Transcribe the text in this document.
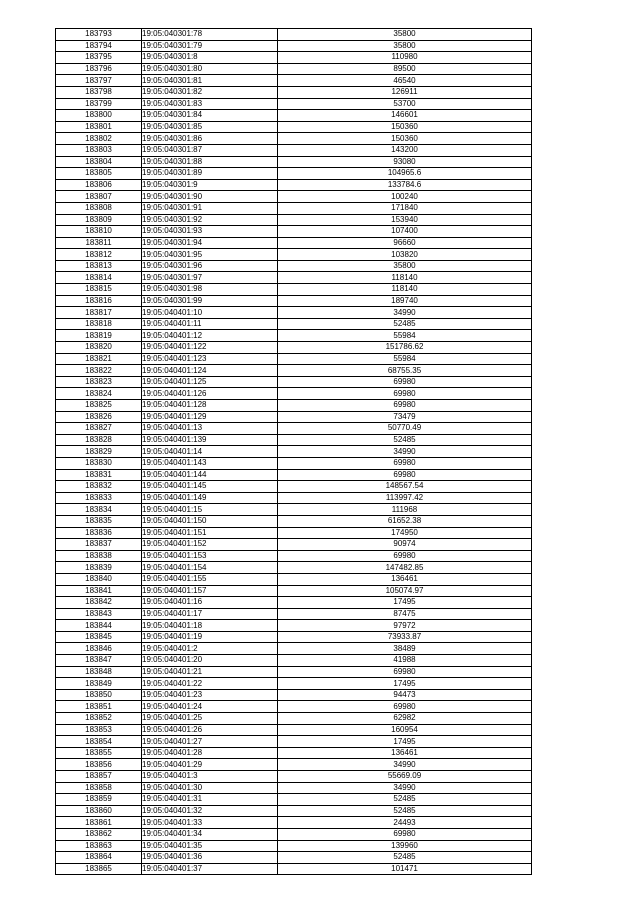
183793	19:05:040301:78	35800
183794	19:05:040301:79	35800
183795	19:05:040301:8	110980
183796	19:05:040301:80	89500
183797	19:05:040301:81	46540
183798	19:05:040301:82	126911
183799	19:05:040301:83	53700
183800	19:05:040301:84	146601
183801	19:05:040301:85	150360
183802	19:05:040301:86	150360
183803	19:05:040301:87	143200
183804	19:05:040301:88	93080
183805	19:05:040301:89	104965.6
183806	19:05:040301:9	133784.6
183807	19:05:040301:90	100240
183808	19:05:040301:91	171840
183809	19:05:040301:92	153940
183810	19:05:040301:93	107400
183811	19:05:040301:94	96660
183812	19:05:040301:95	103820
183813	19:05:040301:96	35800
183814	19:05:040301:97	118140
183815	19:05:040301:98	118140
183816	19:05:040301:99	189740
183817	19:05:040401:10	34990
183818	19:05:040401:11	52485
183819	19:05:040401:12	55984
183820	19:05:040401:122	151786.62
183821	19:05:040401:123	55984
183822	19:05:040401:124	68755.35
183823	19:05:040401:125	69980
183824	19:05:040401:126	69980
183825	19:05:040401:128	69980
183826	19:05:040401:129	73479
183827	19:05:040401:13	50770.49
183828	19:05:040401:139	52485
183829	19:05:040401:14	34990
183830	19:05:040401:143	69980
183831	19:05:040401:144	69980
183832	19:05:040401:145	148567.54
183833	19:05:040401:149	113997.42
183834	19:05:040401:15	111968
183835	19:05:040401:150	61652.38
183836	19:05:040401:151	174950
183837	19:05:040401:152	90974
183838	19:05:040401:153	69980
183839	19:05:040401:154	147482.85
183840	19:05:040401:155	136461
183841	19:05:040401:157	105074.97
183842	19:05:040401:16	17495
183843	19:05:040401:17	87475
183844	19:05:040401:18	97972
183845	19:05:040401:19	73933.87
183846	19:05:040401:2	38489
183847	19:05:040401:20	41988
183848	19:05:040401:21	69980
183849	19:05:040401:22	17495
183850	19:05:040401:23	94473
183851	19:05:040401:24	69980
183852	19:05:040401:25	62982
183853	19:05:040401:26	160954
183854	19:05:040401:27	17495
183855	19:05:040401:28	136461
183856	19:05:040401:29	34990
183857	19:05:040401:3	55669.09
183858	19:05:040401:30	34990
183859	19:05:040401:31	52485
183860	19:05:040401:32	52485
183861	19:05:040401:33	24493
183862	19:05:040401:34	69980
183863	19:05:040401:35	139960
183864	19:05:040401:36	52485
183865	19:05:040401:37	101471
